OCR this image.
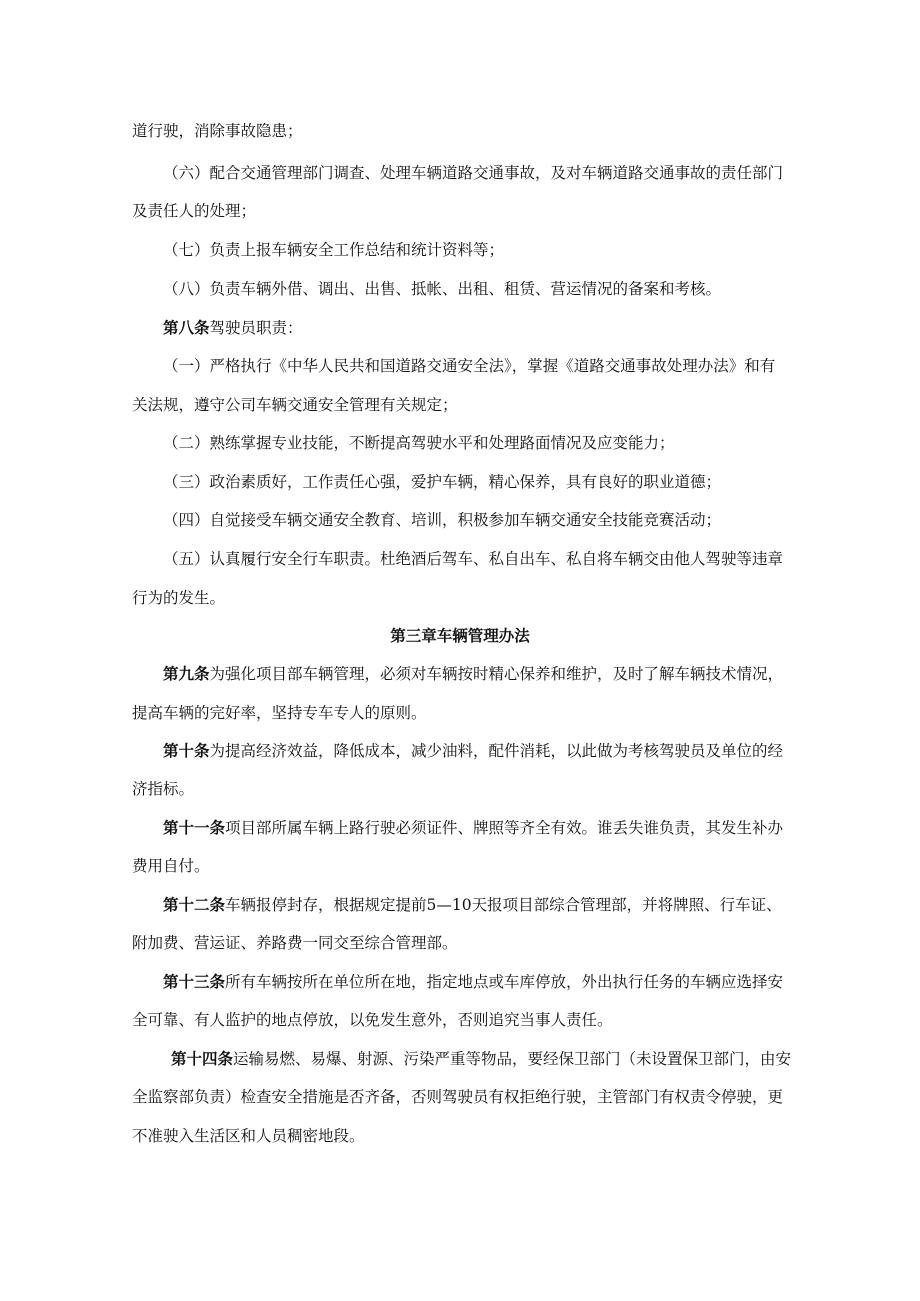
道行驶，消除事故隐患；

（六）配合交通管理部门调查、处理车辆道路交通事故，及对车辆道路交通事故的责任部门

及责任人的处理；

（七）负责上报车辆安全工作总结和统计资料等；

（八）负责车辆外借、调出、出售、抵帐、出租、租赁、营运情况的备案和考核。

第八条驾驶员职责：

（一）严格执行《中华人民共和国道路交通安全法》，掌握《道路交通事故处理办法》和有

关法规，遵守公司车辆交通安全管理有关规定；

（二）熟练掌握专业技能，不断提高驾驶水平和处理路面情况及应变能力；

（三）政治素质好，工作责任心强，爱护车辆，精心保养，具有良好的职业道德；

（四）自觉接受车辆交通安全教育、培训，积极参加车辆交通安全技能竞赛活动；

（五）认真履行安全行车职责。杜绝酒后驾车、私自出车、私自将车辆交由他人驾驶等违章

行为的发生。

第三章车辆管理办法

第九条为强化项目部车辆管理，必须对车辆按时精心保养和维护，及时了解车辆技术情况，

提高车辆的完好率，坚持专车专人的原则。

第十条为提高经济效益，降低成本，减少油料，配件消耗，以此做为考核驾驶员及单位的经

济指标。

第十一条项目部所属车辆上路行驶必须证件、牌照等齐全有效。谁丢失谁负责，其发生补办

费用自付。

第十二条车辆报停封存，根据规定提前5—10天报项目部综合管理部，并将牌照、行车证、

附加费、营运证、养路费一同交至综合管理部。

第十三条所有车辆按所在单位所在地，指定地点或车库停放，外出执行任务的车辆应选择安

全可靠、有人监护的地点停放，以免发生意外，否则追究当事人责任。

第十四条运输易燃、易爆、射源、污染严重等物品，要经保卫部门（未设置保卫部门，由安

全监察部负责）检查安全措施是否齐备，否则驾驶员有权拒绝行驶，主管部门有权责令停驶，更

不准驶入生活区和人员稠密地段。
